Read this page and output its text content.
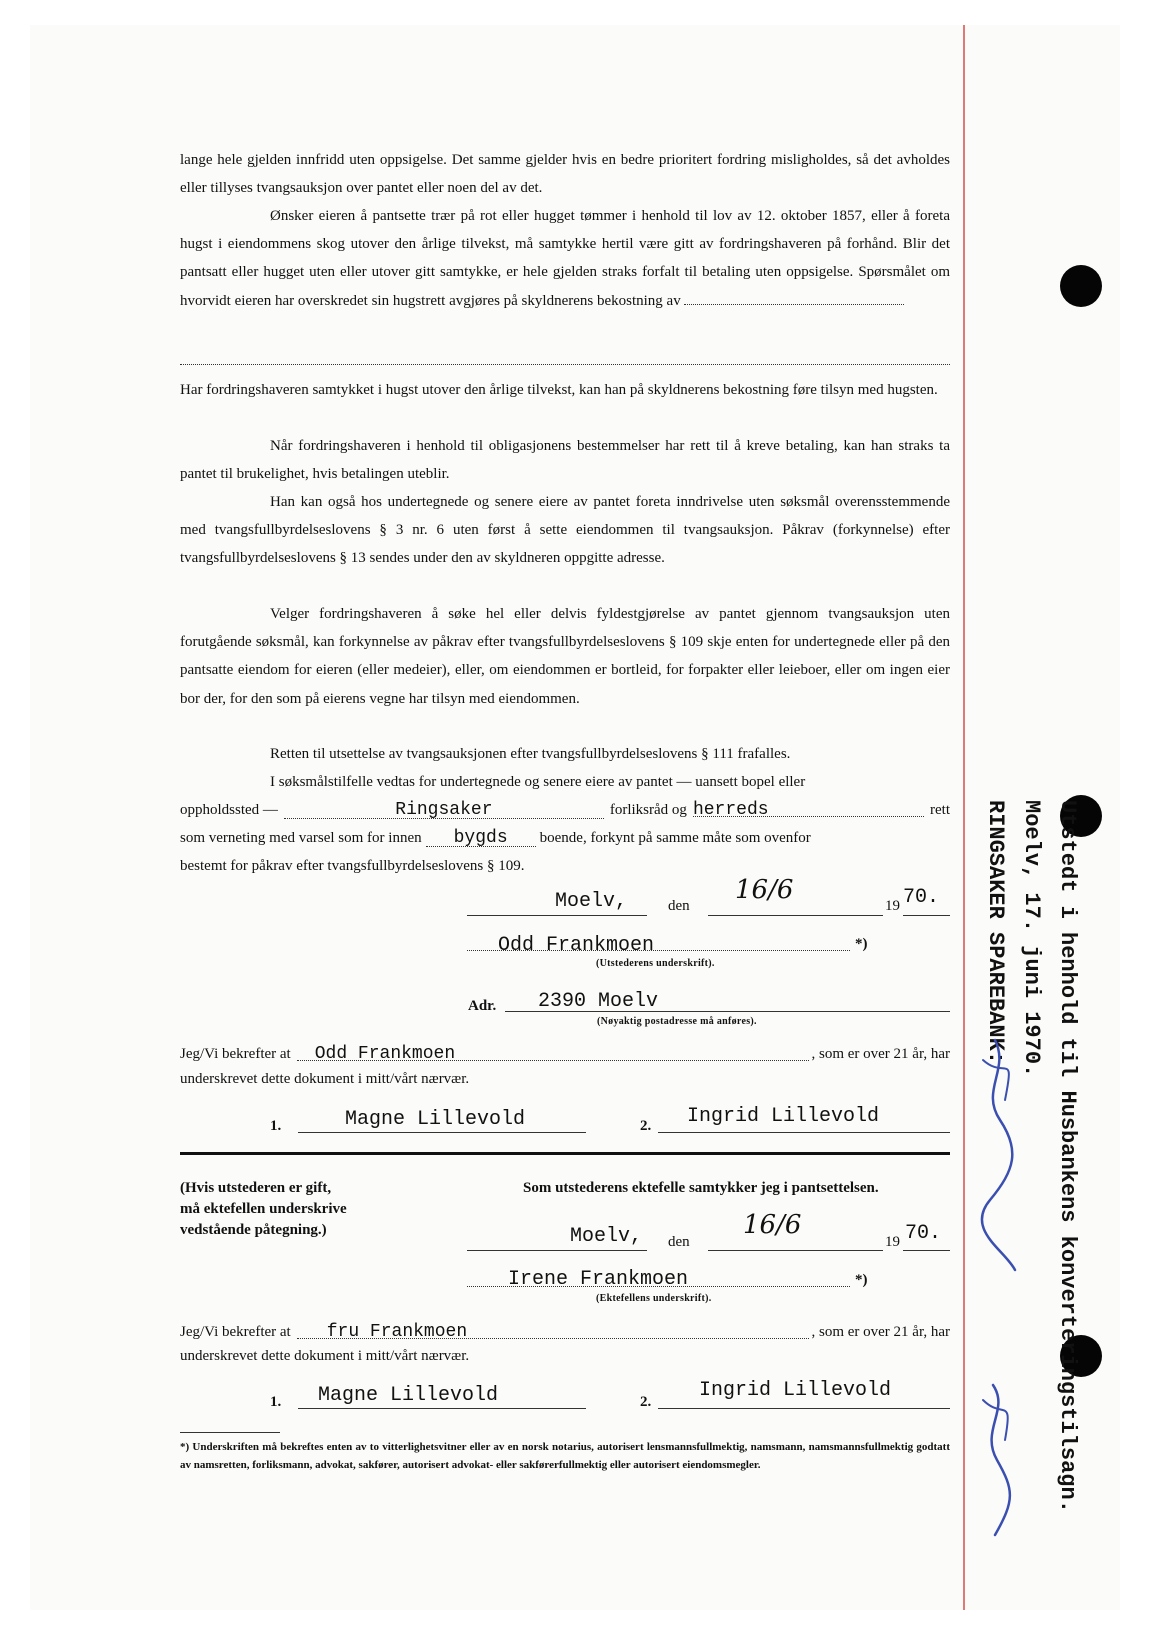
lange hele gjelden innfridd uten oppsigelse. Det samme gjelder hvis en bedre prioritert fordring misligholdes, så det avholdes eller tillyses tvangsauksjon over pantet eller noen del av det.
Ønsker eieren å pantsette trær på rot eller hugget tømmer i henhold til lov av 12. oktober 1857, eller å foreta hugst i eiendommens skog utover den årlige tilvekst, må samtykke hertil være gitt av fordringshaveren på forhånd. Blir det pantsatt eller hugget uten eller utover gitt samtykke, er hele gjelden straks forfalt til betaling uten oppsigelse. Spørsmålet om hvorvidt eieren har overskredet sin hugstrett avgjøres på skyldnerens bekostning av
Har fordringshaveren samtykket i hugst utover den årlige tilvekst, kan han på skyldnerens bekostning føre tilsyn med hugsten.
Når fordringshaveren i henhold til obligasjonens bestemmelser har rett til å kreve betaling, kan han straks ta pantet til brukelighet, hvis betalingen uteblir.
Han kan også hos undertegnede og senere eiere av pantet foreta inndrivelse uten søksmål overensstemmende med tvangsfullbyrdelseslovens § 3 nr. 6 uten først å sette eiendommen til tvangsauksjon. Påkrav (forkynnelse) efter tvangsfullbyrdelseslovens § 13 sendes under den av skyldneren oppgitte adresse.
Velger fordringshaveren å søke hel eller delvis fyldestgjørelse av pantet gjennom tvangsauksjon uten forutgående søksmål, kan forkynnelse av påkrav efter tvangsfullbyrdelseslovens § 109 skje enten for undertegnede eller på den pantsatte eiendom for eieren (eller medeier), eller, om eiendommen er bortleid, for forpakter eller leieboer, eller om ingen eier bor der, for den som på eierens vegne har tilsyn med eiendommen.
Retten til utsettelse av tvangsauksjonen efter tvangsfullbyrdelseslovens § 111 frafalles.
I søksmålstilfelle vedtas for undertegnede og senere eiere av pantet — uansett bopel eller
oppholdssted —	Ringsaker	forliksråd og herreds	rett
som verneting med varsel som for innen	bygds	boende, forkynt på samme måte som ovenfor
bestemt for påkrav efter tvangsfullbyrdelseslovens § 109.
Moelv,	den
16/6
19 70.
Odd Frankmoen	*)
(Utstederens underskrift).
Adr. 2390 Moelv
(Nøyaktig postadresse må anføres).
Jeg/Vi bekrefter at	Odd Frankmoen	, som er over 21 år, har
underskrevet dette dokument i mitt/vårt nærvær.
1.	Magne Lillevold	2. Ingrid Lillevold
(Hvis utstederen er gift,
må ektefellen underskrive
vedstående påtegning.)
Som utstederens ektefelle samtykker jeg i pantsettelsen.
Moelv, den
16/6
19 70.
Irene Frankmoen	*)
(Ektefellens underskrift).
Jeg/Vi bekrefter at	fru Frankmoen	, som er over 21 år, har
underskrevet dette dokument i mitt/vårt nærvær.
1. Magne Lillevold	2. Ingrid Lillevold
*) Underskriften må bekreftes enten av to vitterlighetsvitner eller av en norsk notarius, autorisert lensmannsfullmektig, namsmann, namsmannsfullmektig godtatt av namsretten, forliksmann, advokat, sakfører, autorisert advokat- eller sakførerfullmektig eller autorisert eiendomsmegler.	Utstedt i henhold til Husbankens konverteringstilsagn.
Moelv, 17. juni 1970.
RINGSAKER SPAREBANK:
